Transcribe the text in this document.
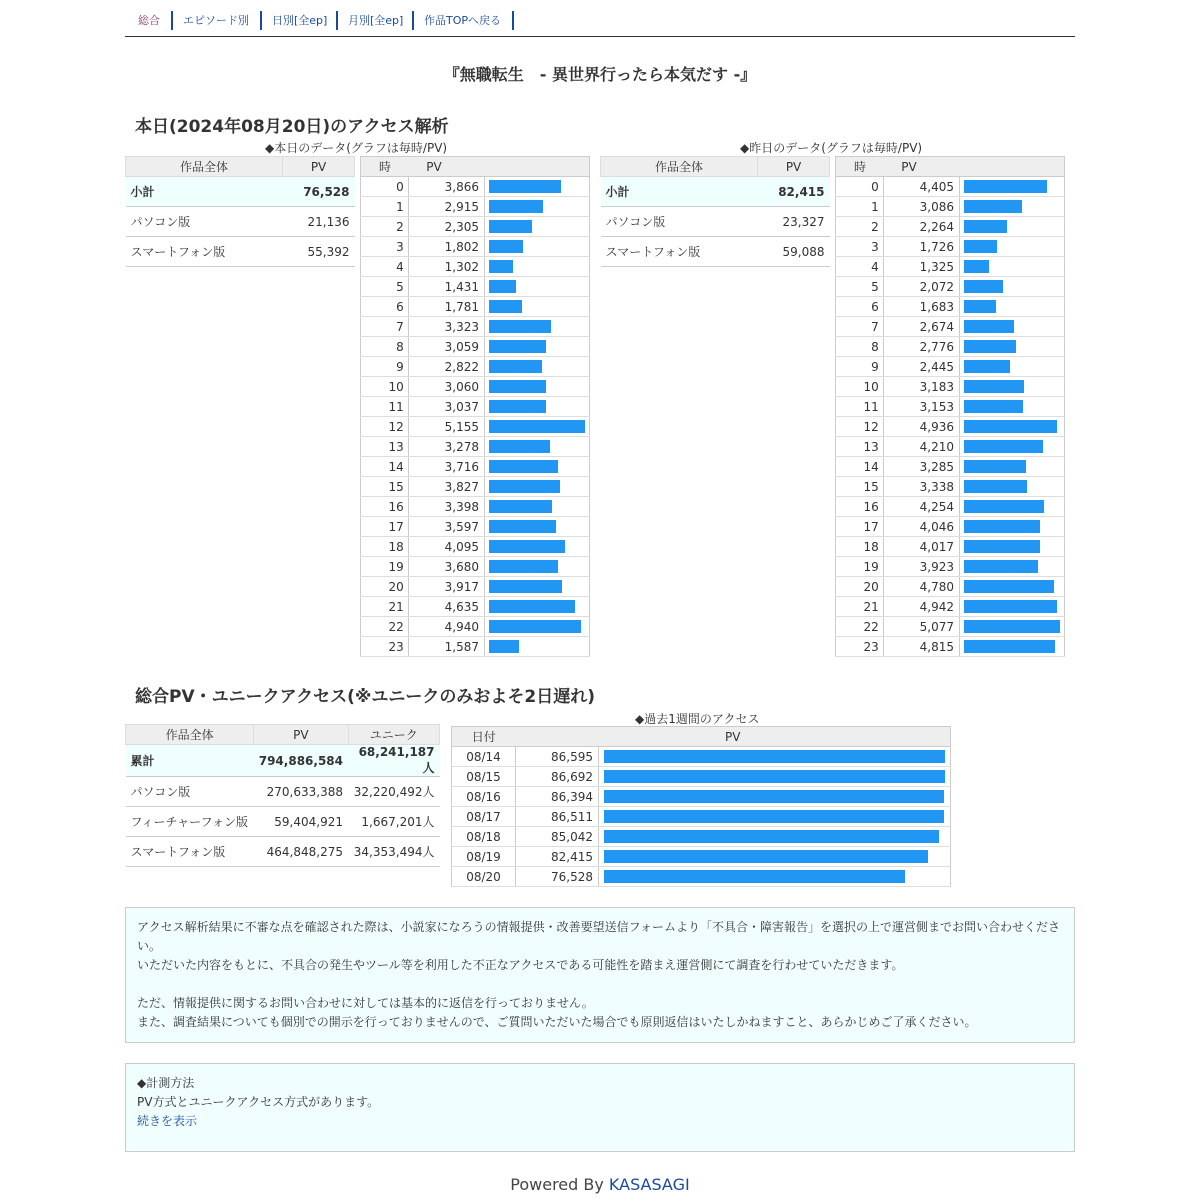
総合 エピソード別 日別[全ep] 月別[全ep] 作品TOPへ戻る
『無職転生　- 異世界行ったら本気だす -』
本日(2024年08月20日)のアクセス解析
◆本日のデータ(グラフは毎時/PV)	◆昨日のデータ(グラフは毎時/PV)
作品全体	PV
小計	76,528
パソコン版	21,136
スマートフォン版	55,392
時	PV	
0	3,866	

1	2,915	

2	2,305	

3	1,802	

4	1,302	

5	1,431	

6	1,781	

7	3,323	

8	3,059	

9	2,822	

10	3,060	

11	3,037	

12	5,155	

13	3,278	

14	3,716	

15	3,827	

16	3,398	

17	3,597	

18	4,095	

19	3,680	

20	3,917	

21	4,635	

22	4,940	

23	1,587	
作品全体	PV
小計	82,415
パソコン版	23,327
スマートフォン版	59,088
時	PV	
0	4,405	

1	3,086	

2	2,264	

3	1,726	

4	1,325	

5	2,072	

6	1,683	

7	2,674	

8	2,776	

9	2,445	

10	3,183	

11	3,153	

12	4,936	

13	4,210	

14	3,285	

15	3,338	

16	4,254	

17	4,046	

18	4,017	

19	3,923	

20	4,780	

21	4,942	

22	5,077	

23	4,815	
総合PV・ユニークアクセス(※ユニークのみおよそ2日遅れ)
作品全体	PV	ユニーク
累計	794,886,584	68,241,187人
パソコン版	270,633,388	32,220,492人
フィーチャーフォン版	59,404,921	1,667,201人
スマートフォン版	464,848,275	34,353,494人
◆過去1週間のアクセス
日付	PV	
08/14	86,595	

08/15	86,692	

08/16	86,394	

08/17	86,511	

08/18	85,042	

08/19	82,415	

08/20	76,528	
アクセス解析結果に不審な点を確認された際は、小説家になろうの情報提供・改善要望送信フォームより「不具合・障害報告」を選択の上で運営側までお問い合わせください。
いただいた内容をもとに、不具合の発生やツール等を利用した不正なアクセスである可能性を踏まえ運営側にて調査を行わせていただきます。
ただ、情報提供に関するお問い合わせに対しては基本的に返信を行っておりません。
また、調査結果についても個別での開示を行っておりませんので、ご質問いただいた場合でも原則返信はいたしかねますこと、あらかじめご了承ください。
◆計測方法
PV方式とユニークアクセス方式があります。
続きを表示
Powered By KASASAGI
